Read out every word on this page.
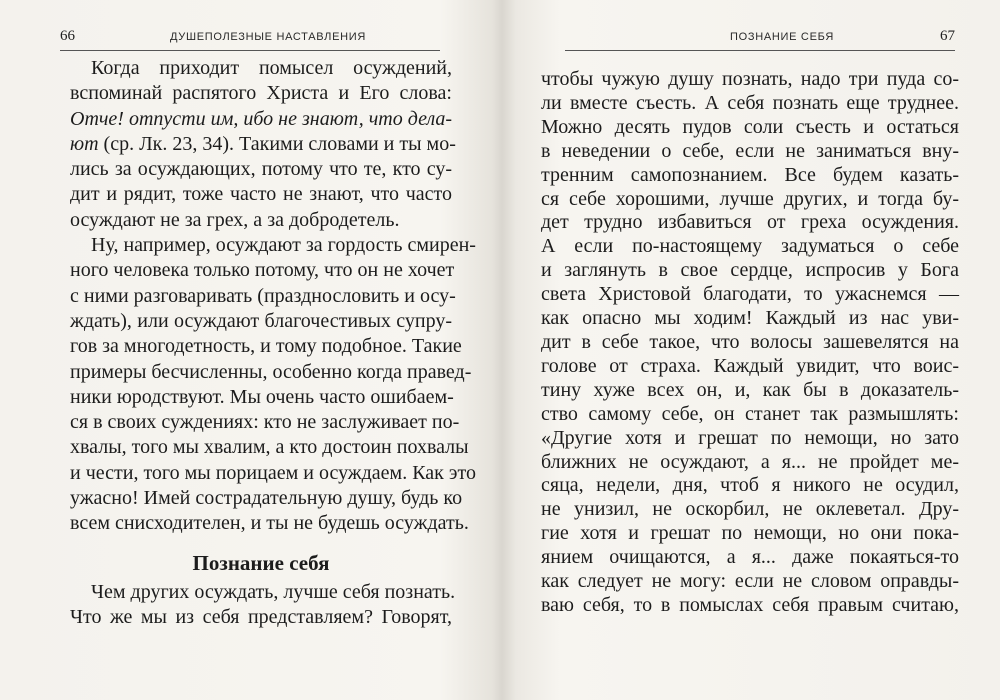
66	ДУШЕПОЛЕЗНЫЕ НАСТАВЛЕНИЯ
Когда приходит помысел осуждений,
вспоминай распятого Христа и Его слова:
Отче! отпусти им, ибо не знают, что дела-
ют (ср. Лк. 23, 34). Такими словами и ты мо-
лись за осуждающих, потому что те, кто су-
дит и рядит, тоже часто не знают, что часто
осуждают не за грех, а за добродетель.
Ну, например, осуждают за гордость смирен-
ного человека только потому, что он не хочет
с ними разговаривать (празднословить и осу-
ждать), или осуждают благочестивых супру-
гов за многодетность, и тому подобное. Такие
примеры бесчисленны, особенно когда правед-
ники юродствуют. Мы очень часто ошибаем-
ся в своих суждениях: кто не заслуживает по-
хвалы, того мы хвалим, а кто достоин похвалы
и чести, того мы порицаем и осуждаем. Как это
ужасно! Имей сострадательную душу, будь ко
всем снисходителен, и ты не будешь осуждать.
Познание себя
Чем других осуждать, лучше себя познать.
Что же мы из себя представляем? Говорят,
ПОЗНАНИЕ СЕБЯ	67
чтобы чужую душу познать, надо три пуда со-
ли вместе съесть. А себя познать еще труднее.
Можно десять пудов соли съесть и остаться
в неведении о себе, если не заниматься вну-
тренним самопознанием. Все будем казать-
ся себе хорошими, лучше других, и тогда бу-
дет трудно избавиться от греха осуждения.
А если по-настоящему задуматься о себе
и заглянуть в свое сердце, испросив у Бога
света Христовой благодати, то ужаснемся —
как опасно мы ходим! Каждый из нас уви-
дит в себе такое, что волосы зашевелятся на
голове от страха. Каждый увидит, что воис-
тину хуже всех он, и, как бы в доказатель-
ство самому себе, он станет так размышлять:
«Другие хотя и грешат по немощи, но зато
ближних не осуждают, а я... не пройдет ме-
сяца, недели, дня, чтоб я никого не осудил,
не унизил, не оскорбил, не оклеветал. Дру-
гие хотя и грешат по немощи, но они пока-
янием очищаются, а я... даже покаяться-то
как следует не могу: если не словом оправды-
ваю себя, то в помыслах себя правым считаю,
